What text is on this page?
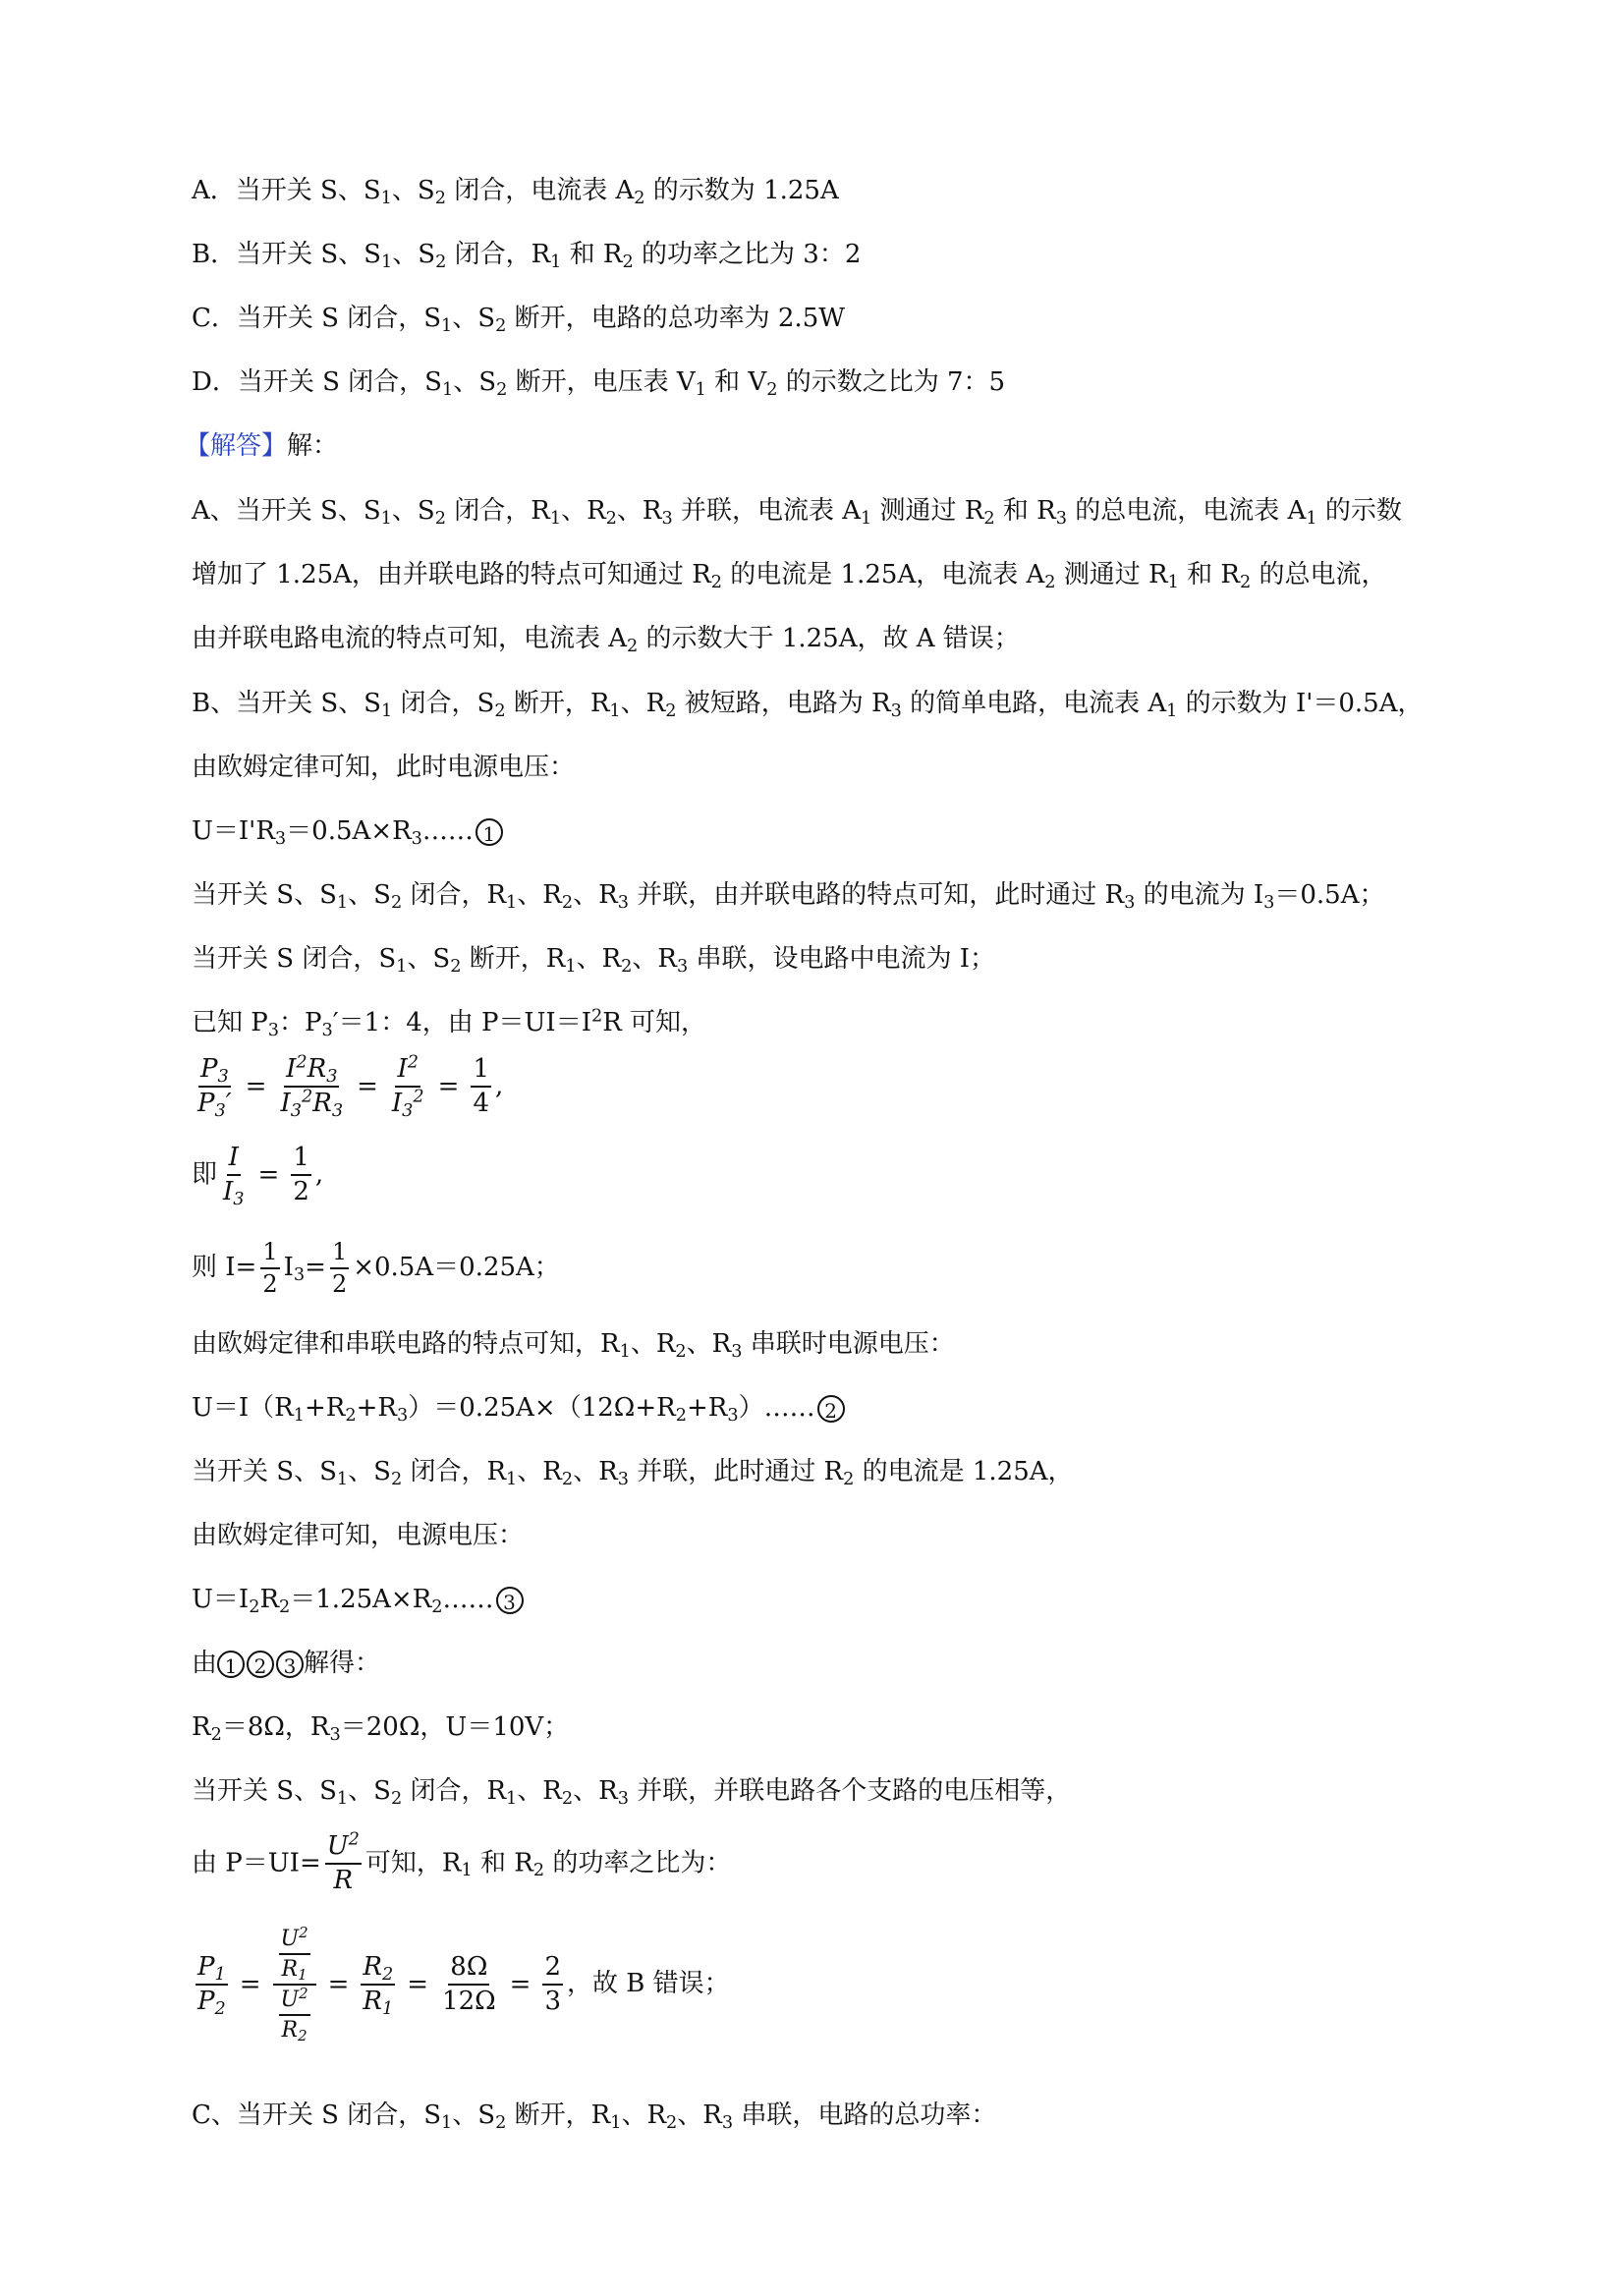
A．当开关 S、$S_1$、$S_2$ 闭合，电流表 $A_2$ 的示数为 1.25A
B．当开关 S、$S_1$、$S_2$ 闭合，$R_1$ 和 $R_2$ 的功率之比为 3：2
C．当开关 S 闭合，$S_1$、$S_2$ 断开，电路的总功率为 2.5W
D．当开关 S 闭合，$S_1$、$S_2$ 断开，电压表 $V_1$ 和 $V_2$ 的示数之比为 7：5
【解答】解：
A、当开关 S、$S_1$、$S_2$ 闭合，$R_1$、$R_2$、$R_3$ 并联，电流表 $A_1$ 测通过 $R_2$ 和 $R_3$ 的总电流，电流表 $A_1$ 的示数
增加了 1.25A，由并联电路的特点可知通过 $R_2$ 的电流是 1.25A，电流表 $A_2$ 测通过 $R_1$ 和 $R_2$ 的总电流，
由并联电路电流的特点可知，电流表 $A_2$ 的示数大于 1.25A，故 A 错误；
B、当开关 S、$S_1$ 闭合，$S_2$ 断开，$R_1$、$R_2$ 被短路，电路为 $R_3$ 的简单电路，电流表 $A_1$ 的示数为 I'＝0.5A，
由欧姆定律可知，此时电源电压：
$U=I'R_3=0.5A\times R_3\dots\dots$ 1
当开关 S、$S_1$、$S_2$ 闭合，$R_1$、$R_2$、$R_3$ 并联，由并联电路的特点可知，此时通过 $R_3$ 的电流为 $I_3=0.5A$；
当开关 S 闭合，$S_1$、$S_2$ 断开，$R_1$、$R_2$、$R_3$ 串联，设电路中电流为 I；
已知 $P_3$：$P_3'=1$：4，由 $P=UI=I^2R$ 可知，
$\frac{P_3}{P_3'} = \frac{I^2R_3}{I_3^2R_3} = \frac{I^2}{I_3^2} = \frac{1}{4}$ ,
即 $\frac{I}{I_3} = \frac{1}{2}$ ,
则 $I= \frac{1}{2} I_3= \frac{1}{2} \times 0.5A=0.25A$；
由欧姆定律和串联电路的特点可知，$R_1$、$R_2$、$R_3$ 串联时电源电压：
$U=I(R_1+R_2+R_3)=0.25A\times(12\Omega+R_2+R_3)\dots\dots$ 2
当开关 S、$S_1$、$S_2$ 闭合，$R_1$、$R_2$、$R_3$ 并联，此时通过 $R_2$ 的电流是 1.25A，
由欧姆定律可知，电源电压：
$U=I_2R_2=1.25A\times R_2\dots\dots$ 3
由 1 2 3 解得：
$R_2=8\Omega$，$R_3=20\Omega$，U＝10V；
当开关 S、$S_1$、$S_2$ 闭合，$R_1$、$R_2$、$R_3$ 并联，并联电路各个支路的电压相等，
由 $P=UI= \frac{U^2}{R}$ 可知，$R_1$ 和 $R_2$ 的功率之比为：
$\frac{P_1}{P_2} = \frac{\frac{U^2}{R_1}}{\frac{U^2}{R_2}} = \frac{R_2}{R_1} = \frac{8\Omega}{12\Omega} = \frac{2}{3}$ ，故 B 错误；
C、当开关 S 闭合，$S_1$、$S_2$ 断开，$R_1$、$R_2$、$R_3$ 串联，电路的总功率：
